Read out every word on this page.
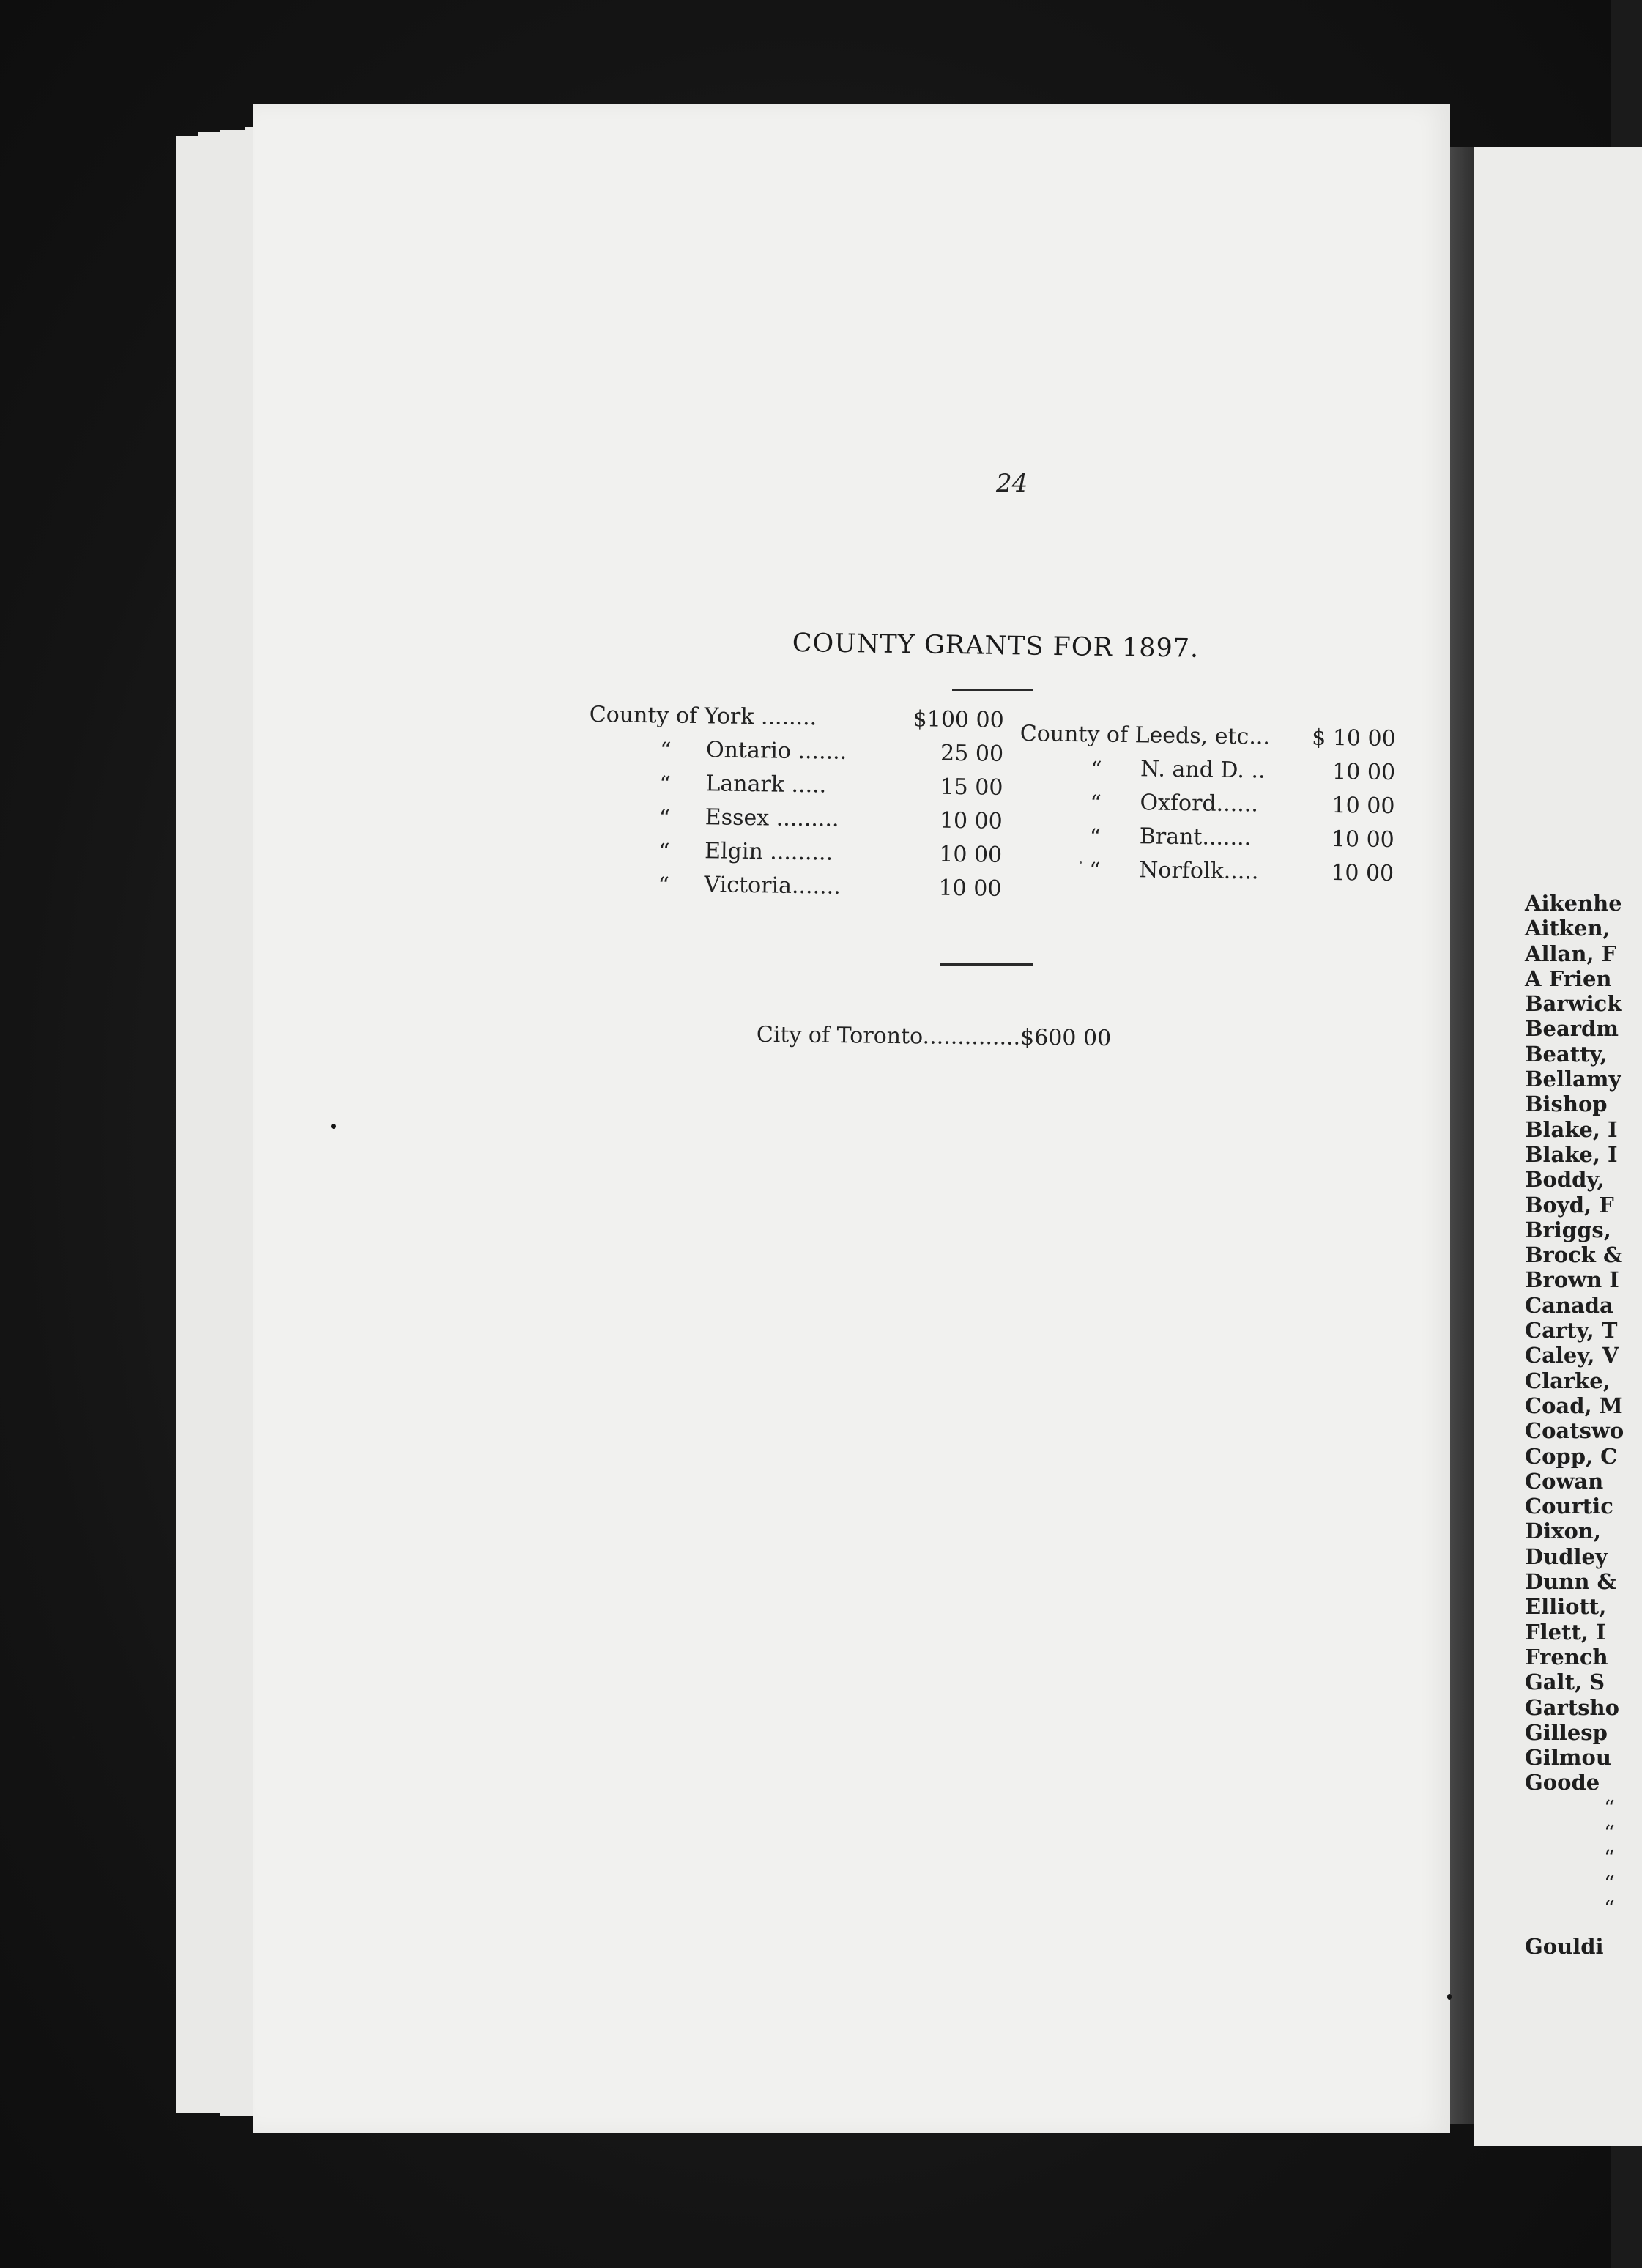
Aikenhe
Aitken,
Allan, F
A Frien
Barwick
Beardm
Beatty,
Bellamy
Bishop
Blake, I
Blake, I
Boddy,
Boyd, F
Briggs,
Brock &
Brown I
Canada
Carty, T
Caley, V
Clarke,
Coad, M
Coatswo
Copp, C
Cowan
Courtic
Dixon,
Dudley
Dunn &
Elliott,
Flett, I
French
Galt, S
Gartsho
Gillesp
Gilmou
Goode
“
“
“
“
“
Gouldi
24
COUNTY GRANTS FOR 1897.
County of York ........	$100 00
“ Ontario .......	25 00
“ Lanark .....	15 00
“ Essex .........	10 00
“ Elgin .........	10 00
“ Victoria.......	10 00
County of Leeds, etc... $ 10 00
“ N. and D. ..	10 00
“ Oxford......	10 00
“ Brant.......	10 00
“ Norfolk.....	10 00
City of Toronto..............$600 00
